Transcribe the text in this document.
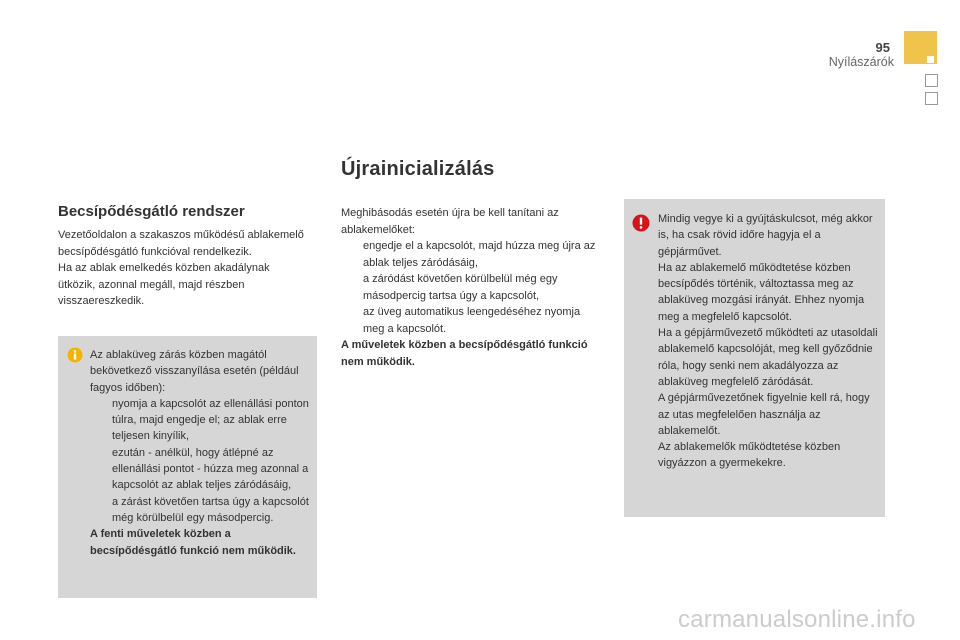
95
Nyílászárók
Újrainicializálás
Becsípődésgátló rendszer

Vezetőoldalon a szakaszos működésű ablakemelő becsípődésgátló funkcióval rendelkezik.

Ha az ablak emelkedés közben akadálynak ütközik, azonnal megáll, majd részben visszaereszkedik.

Az ablaküveg zárás közben magától bekövetkező visszanyílása esetén (például fagyos időben):

nyomja a kapcsolót az ellenállási ponton túlra, majd engedje el; az ablak erre teljesen kinyílik,
ezután - anélkül, hogy átlépné az ellenállási pontot - húzza meg azonnal a kapcsolót az ablak teljes záródásáig,
a zárást követően tartsa úgy a kapcsolót még körülbelül egy másodpercig.

A fenti műveletek közben a becsípődésgátló funkció nem működik.

Meghibásodás esetén újra be kell tanítani az ablakemelőket:

engedje el a kapcsolót, majd húzza meg újra az ablak teljes záródásáig,
a záródást követően körülbelül még egy másodpercig tartsa úgy a kapcsolót,
az üveg automatikus leengedéséhez nyomja meg a kapcsolót.

A műveletek közben a becsípődésgátló funkció nem működik.

Mindig vegye ki a gyújtáskulcsot, még akkor is, ha csak rövid időre hagyja el a gépjárművet.

Ha az ablakemelő működtetése közben becsípődés történik, változtassa meg az ablaküveg mozgási irányát. Ehhez nyomja meg a megfelelő kapcsolót.

Ha a gépjárművezető működteti az utasoldali ablakemelő kapcsolóját, meg kell győződnie róla, hogy senki nem akadályozza az ablaküveg megfelelő záródását.

A gépjárművezetőnek figyelnie kell rá, hogy az utas megfelelően használja az ablakemelőt.

Az ablakemelők működtetése közben vigyázzon a gyermekekre.

carmanualsonline.info
